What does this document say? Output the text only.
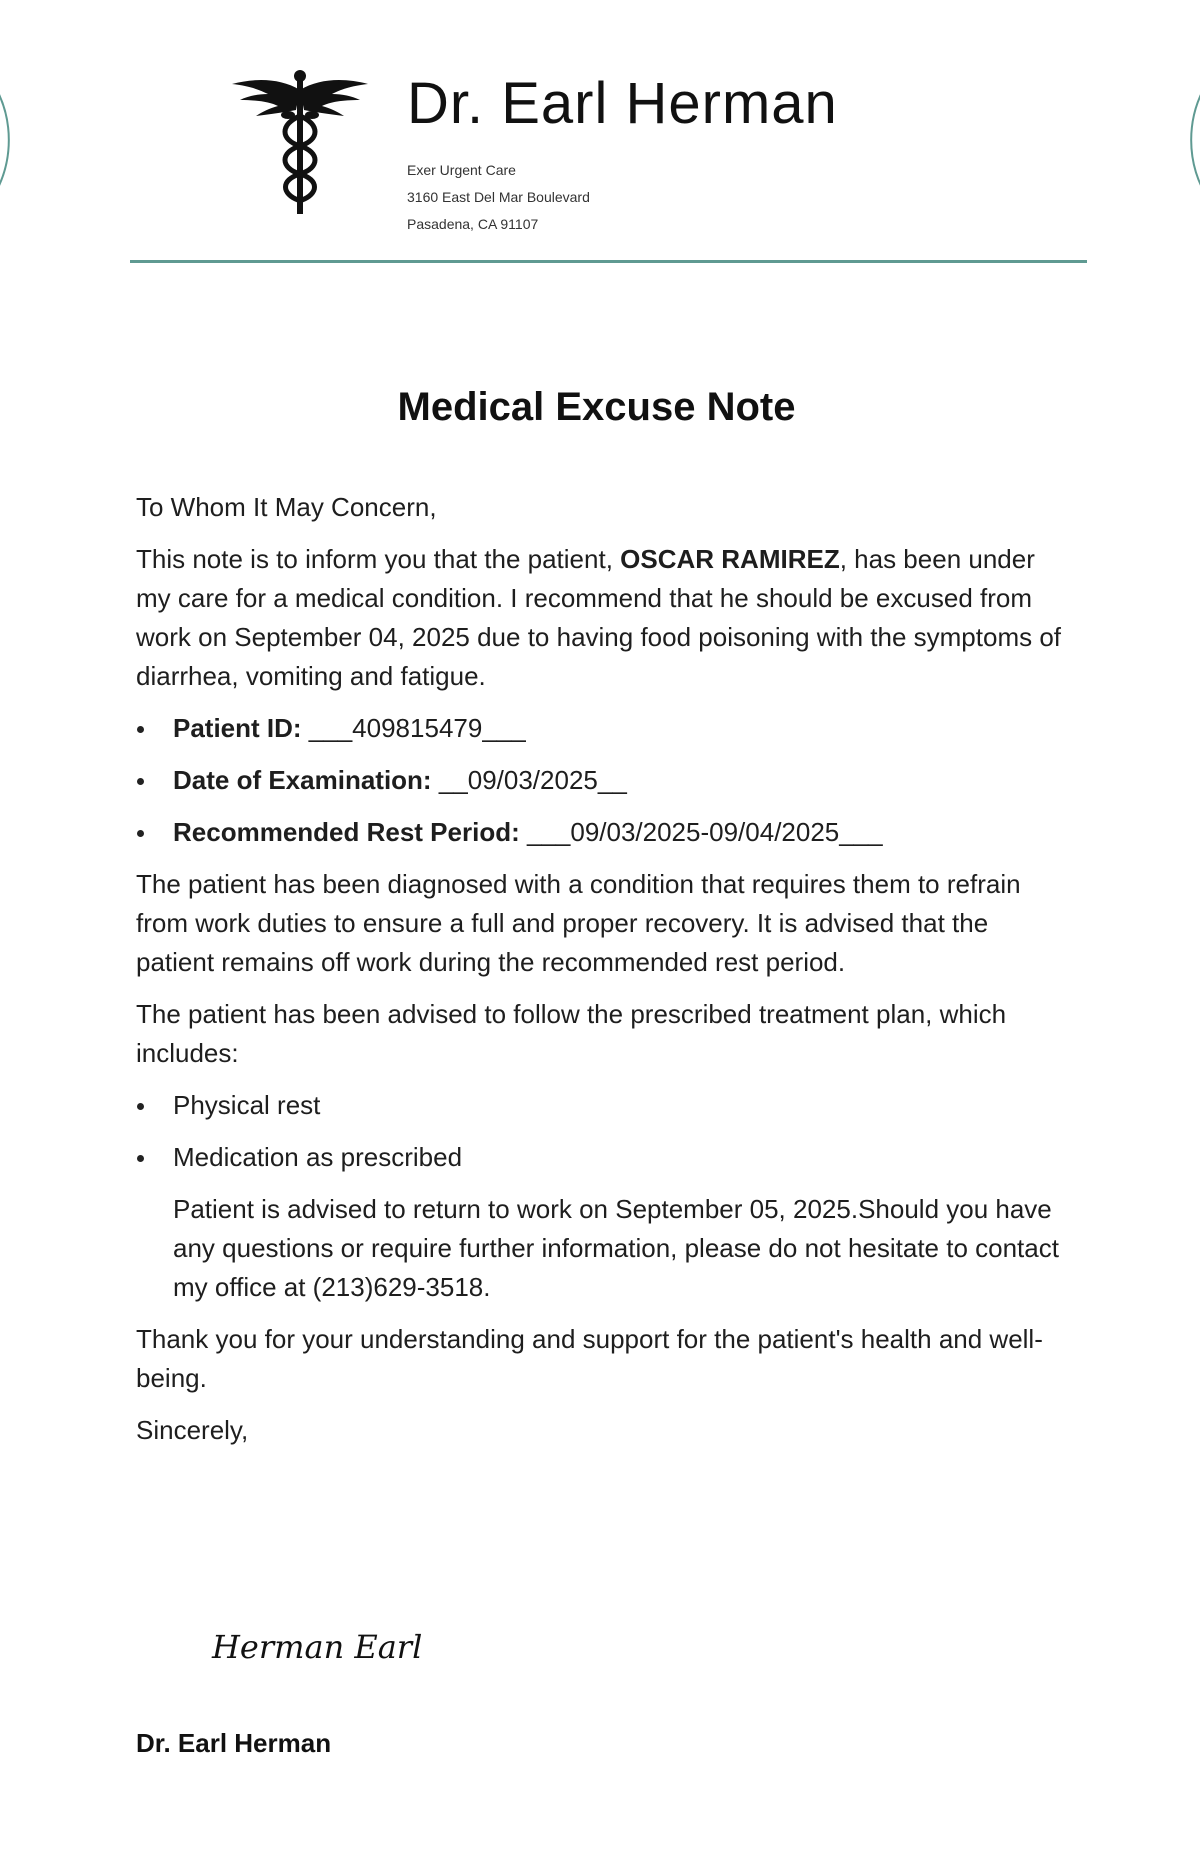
Dr. Earl Herman
Exer Urgent Care
3160 East Del Mar Boulevard
Pasadena, CA 91107
Medical Excuse Note

To Whom It May Concern,

This note is to inform you that the patient, OSCAR RAMIREZ, has been under my care for a medical condition. I recommend that he should be excused from work on September 04, 2025 due to having food poisoning with the symptoms of diarrhea, vomiting and fatigue.

Patient ID: ___409815479___
Date of Examination: __09/03/2025__
Recommended Rest Period: ___09/03/2025-09/04/2025___

The patient has been diagnosed with a condition that requires them to refrain from work duties to ensure a full and proper recovery. It is advised that the patient remains off work during the recommended rest period.

The patient has been advised to follow the prescribed treatment plan, which includes:

Physical rest
Medication as prescribed

Patient is advised to return to work on September 05, 2025.Should you have any questions or require further information, please do not hesitate to contact my office at (213)629-3518.

Thank you for your understanding and support for the patient's health and well-being.

Sincerely,

Herman Earl
Dr. Earl Herman
